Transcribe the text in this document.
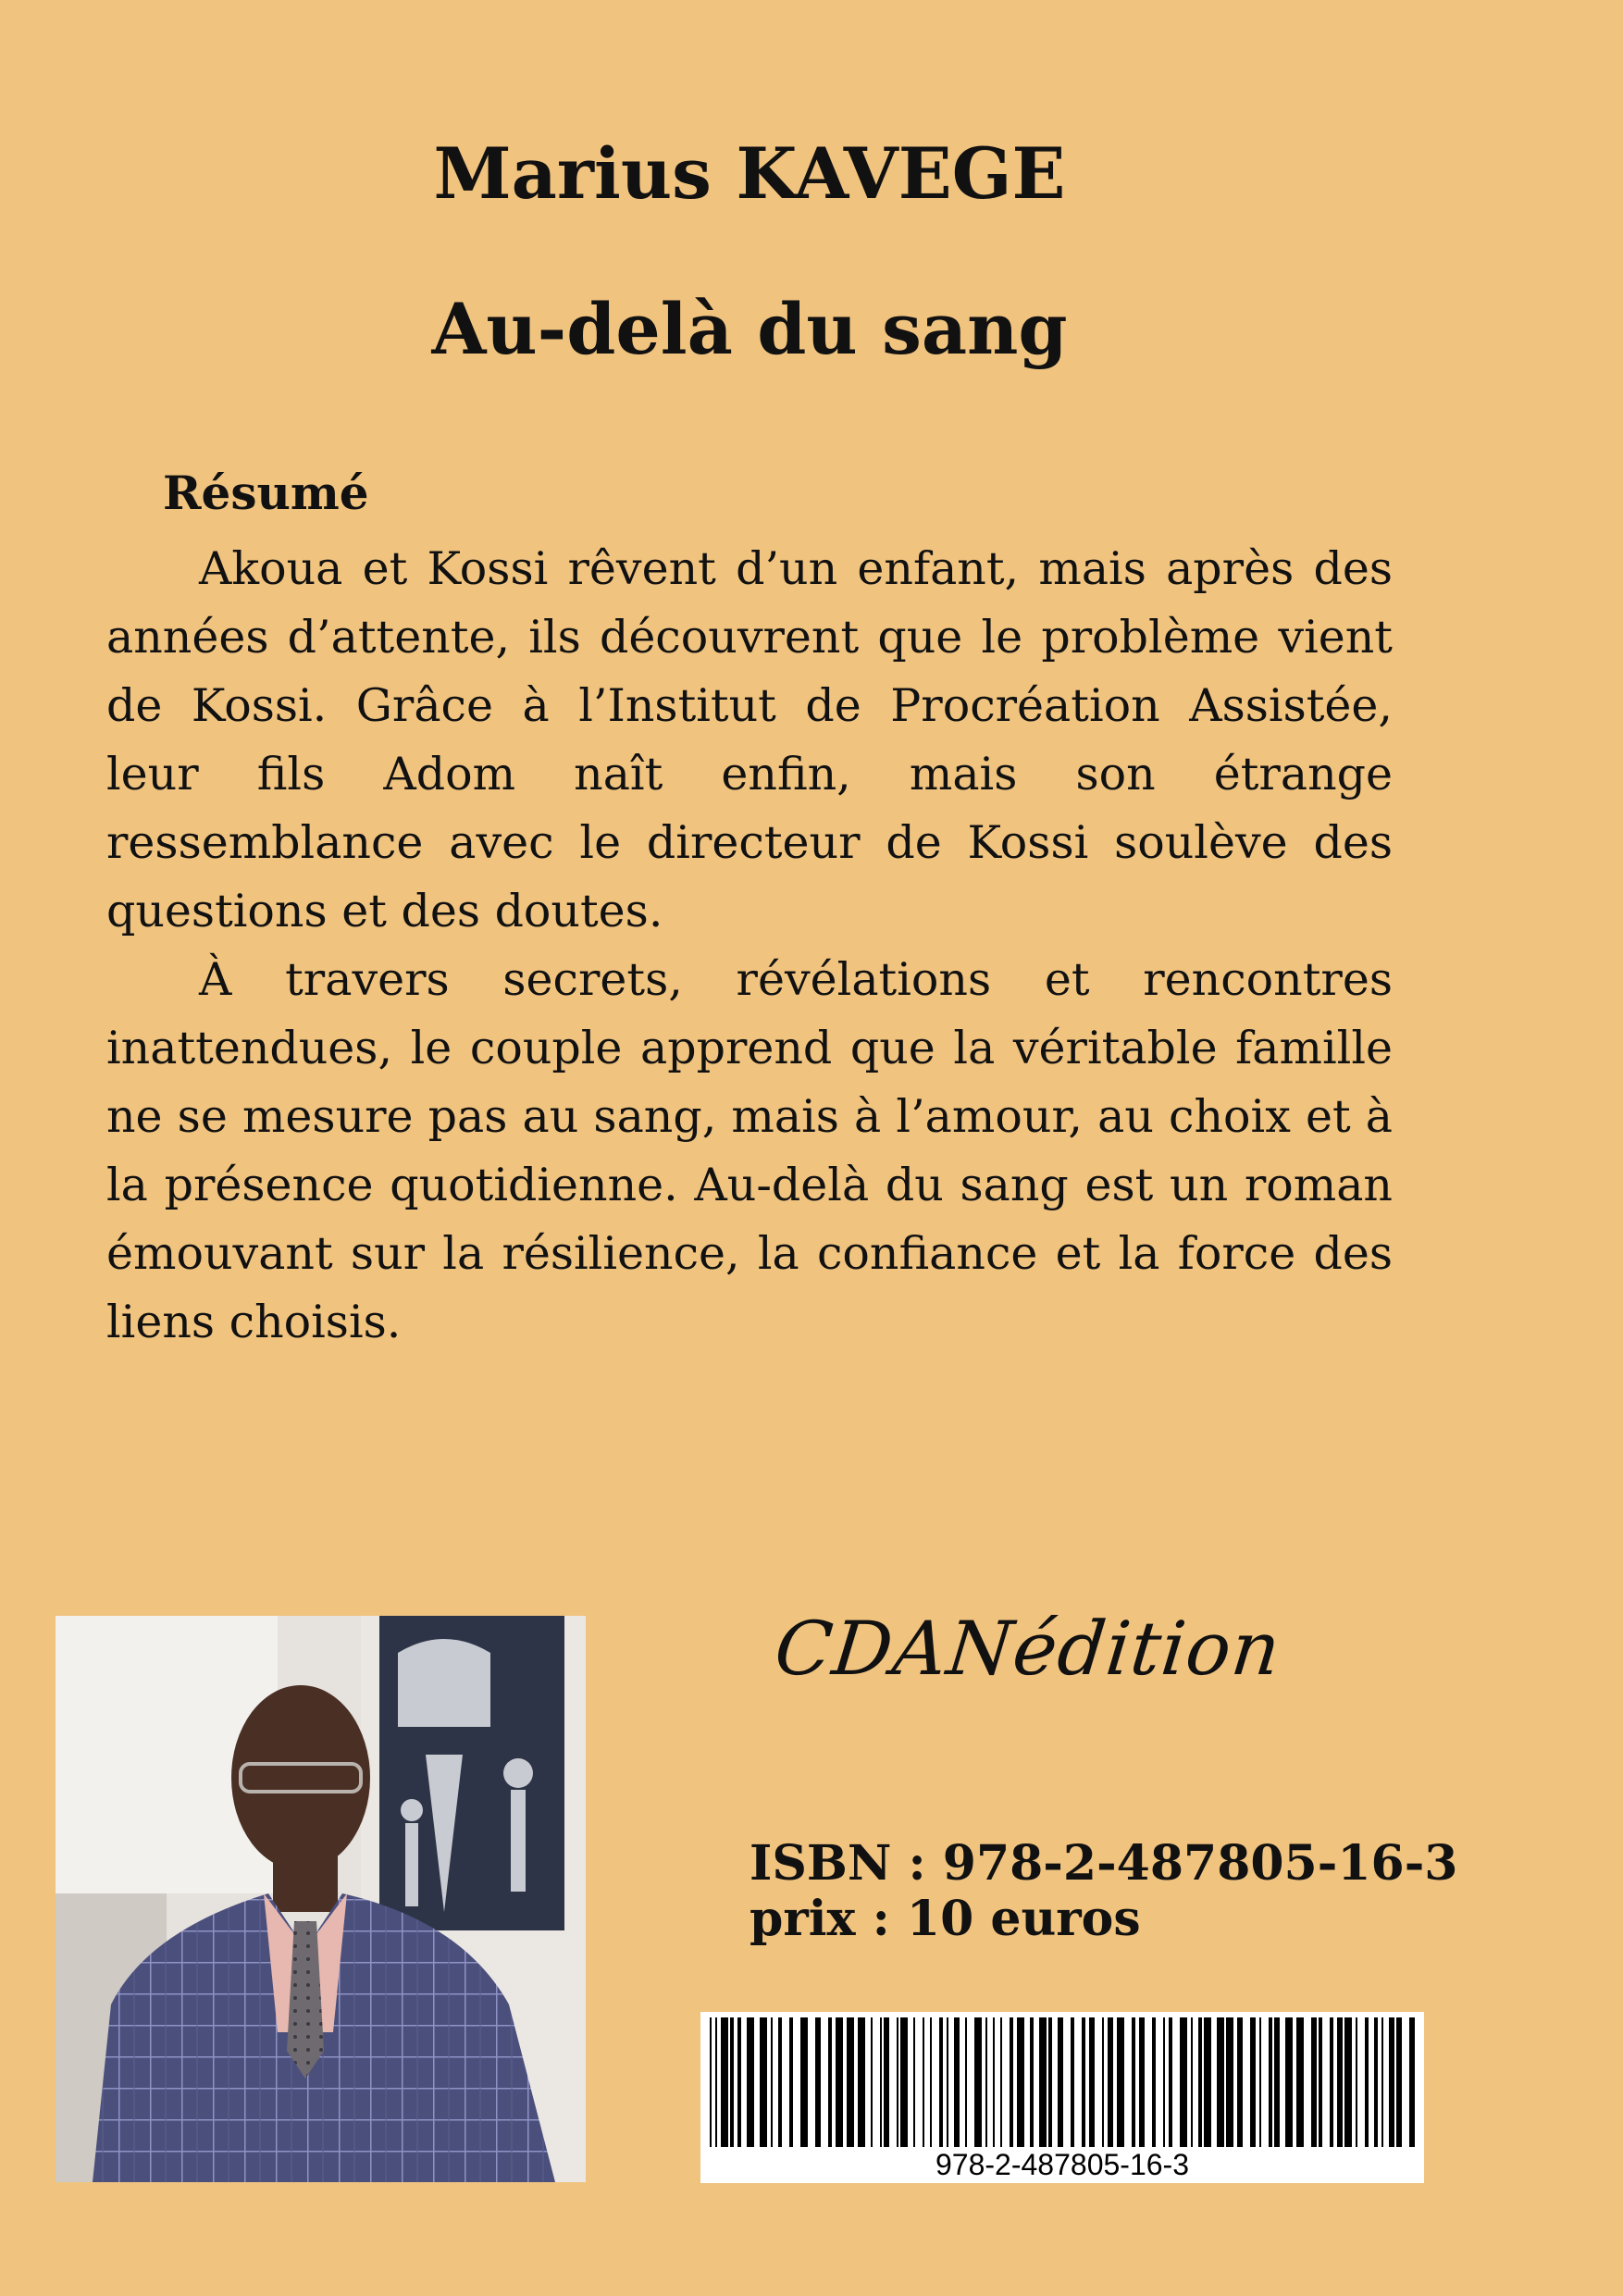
Marius KAVEGE
Au-delà du sang
Résumé

Akoua et Kossi rêvent d’un enfant, mais après des années d’attente, ils découvrent que le problème vient de Kossi. Grâce à l’Institut de Procréation Assistée, leur fils Adom naît enfin, mais son étrange ressemblance avec le directeur de Kossi soulève des questions et des doutes.

À travers secrets, révélations et rencontres inattendues, le couple apprend que la véritable famille ne se mesure pas au sang, mais à l’amour, au choix et à la présence quotidienne. Au-delà du sang est un roman émouvant sur la résilience, la confiance et la force des liens choisis.

CDANédition
ISBN : 978-2-487805-16-3
prix : 10 euros
978-2-487805-16-3
